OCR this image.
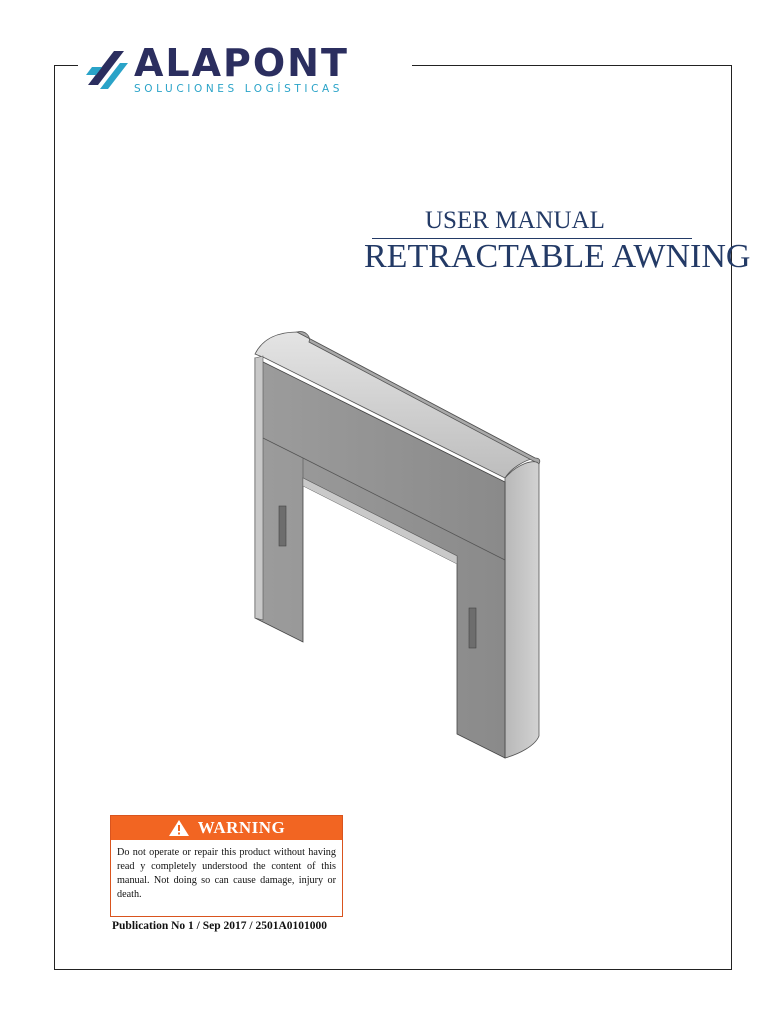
ALAPONT
SOLUCIONES LOGÍSTICAS
USER MANUAL
RETRACTABLE AWNING
WARNING
Do not operate or repair this product without having read y completely understood the content of this manual. Not doing so can cause damage, injury or death.
Publication No 1 / Sep 2017 / 2501A0101000
